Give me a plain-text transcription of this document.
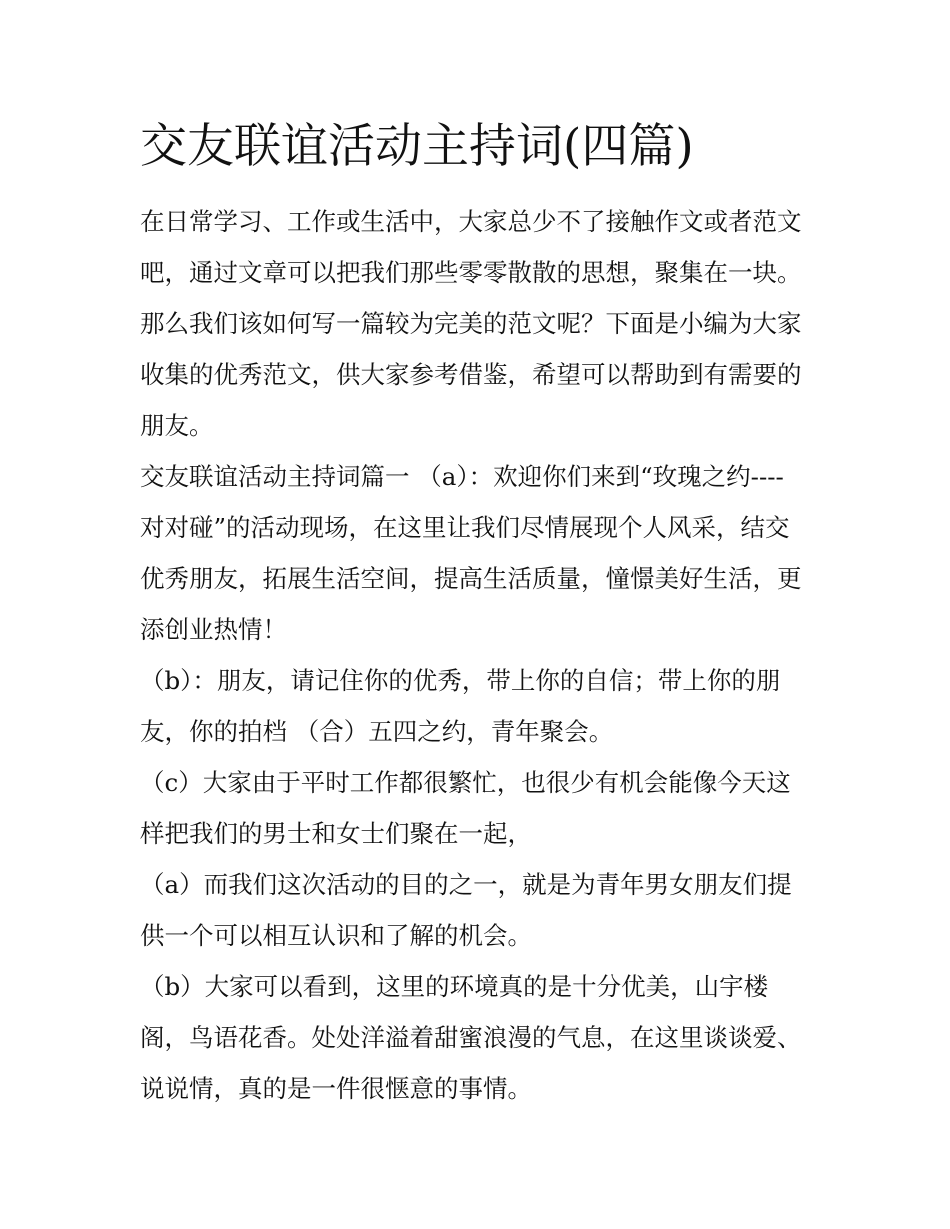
交友联谊活动主持词(四篇)
在日常学习、工作或生活中，大家总少不了接触作文或者范文
吧，通过文章可以把我们那些零零散散的思想，聚集在一块。
那么我们该如何写一篇较为完美的范文呢？下面是小编为大家
收集的优秀范文，供大家参考借鉴，希望可以帮助到有需要的
朋友。
交友联谊活动主持词篇一 （a）：欢迎你们来到“玫瑰之约----
对对碰”的活动现场，在这里让我们尽情展现个人风采，结交
优秀朋友，拓展生活空间，提高生活质量，憧憬美好生活，更
添创业热情！
（b）：朋友，请记住你的优秀，带上你的自信；带上你的朋
友，你的拍档 （合）五四之约，青年聚会。
（c）大家由于平时工作都很繁忙，也很少有机会能像今天这
样把我们的男士和女士们聚在一起，
（a）而我们这次活动的目的之一，就是为青年男女朋友们提
供一个可以相互认识和了解的机会。
（b）大家可以看到，这里的环境真的是十分优美，山宇楼
阁，鸟语花香。处处洋溢着甜蜜浪漫的气息，在这里谈谈爱、
说说情，真的是一件很惬意的事情。
